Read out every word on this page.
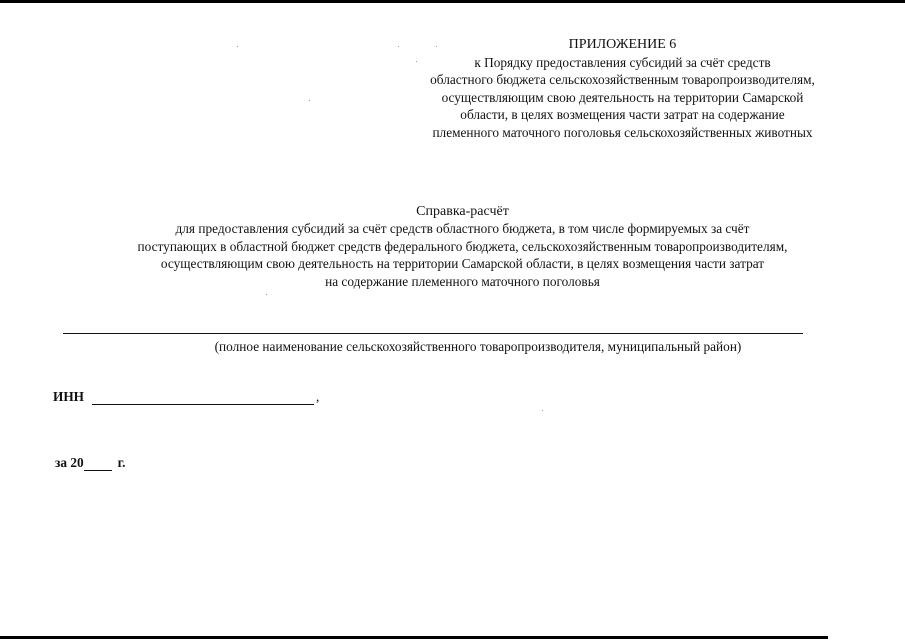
ПРИЛОЖЕНИЕ 6
к Порядку предоставления субсидий за счёт средств
областного бюджета сельскохозяйственным товаропроизводителям,
осуществляющим свою деятельность на территории Самарской
области, в целях возмещения части затрат на содержание
племенного маточного поголовья сельскохозяйственных животных
Справка-расчёт
для предоставления субсидий за счёт средств областного бюджета, в том числе формируемых за счёт
поступающих в областной бюджет средств федерального бюджета, сельскохозяйственным товаропроизводителям,
осуществляющим свою деятельность на территории Самарской области, в целях возмещения части затрат
на содержание племенного маточного поголовья
(полное наименование сельскохозяйственного товаропроизводителя, муниципальный район)
ИНН	,
за 20	г.
